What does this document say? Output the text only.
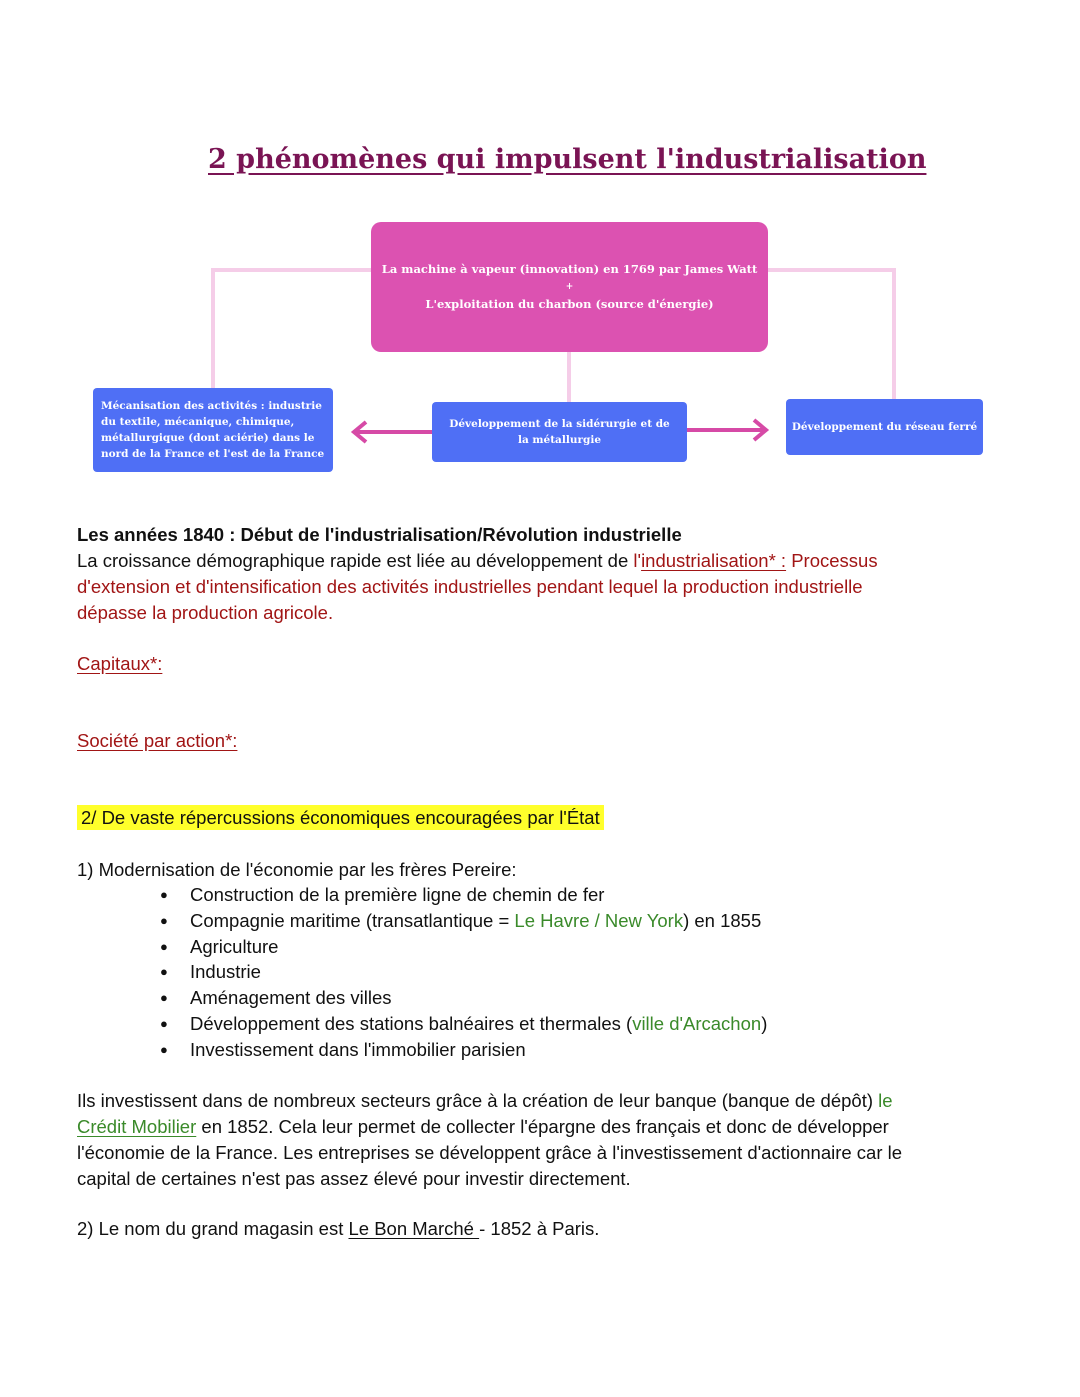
2 phénomènes qui impulsent l'industrialisation
La machine à vapeur (innovation) en 1769 par James Watt
+
L'exploitation du charbon (source d'énergie)
Mécanisation des activités : industrie du textile, mécanique, chimique, métallurgique (dont aciérie) dans le nord de la France et l'est de la France
Développement de la sidérurgie et de la métallurgie
Développement du réseau ferré

Les années 1840 : Début de l'industrialisation/Révolution industrielle

La croissance démographique rapide est liée au développement de l'industrialisation* : Processus
d'extension et d'intensification des activités industrielles pendant lequel la production industrielle dépasse la production agricole.

Capitaux*:

Société par action*:

2/ De vaste répercussions économiques encouragées par l'État

1) Modernisation de l'économie par les frères Pereire:

● Construction de la première ligne de chemin de fer
● Compagnie maritime (transatlantique = Le Havre / New York) en 1855
● Agriculture
● Industrie
● Aménagement des villes
● Développement des stations balnéaires et thermales (ville d'Arcachon)
● Investissement dans l'immobilier parisien
Ils investissent dans de nombreux secteurs grâce à la création de leur banque (banque de dépôt) le
Crédit Mobilier en 1852. Cela leur permet de collecter l'épargne des français et donc de développer
l'économie de la France. Les entreprises se développent grâce à l'investissement d'actionnaire car le
capital de certaines n'est pas assez élevé pour investir directement.

2) Le nom du grand magasin est Le Bon Marché - 1852 à Paris.
